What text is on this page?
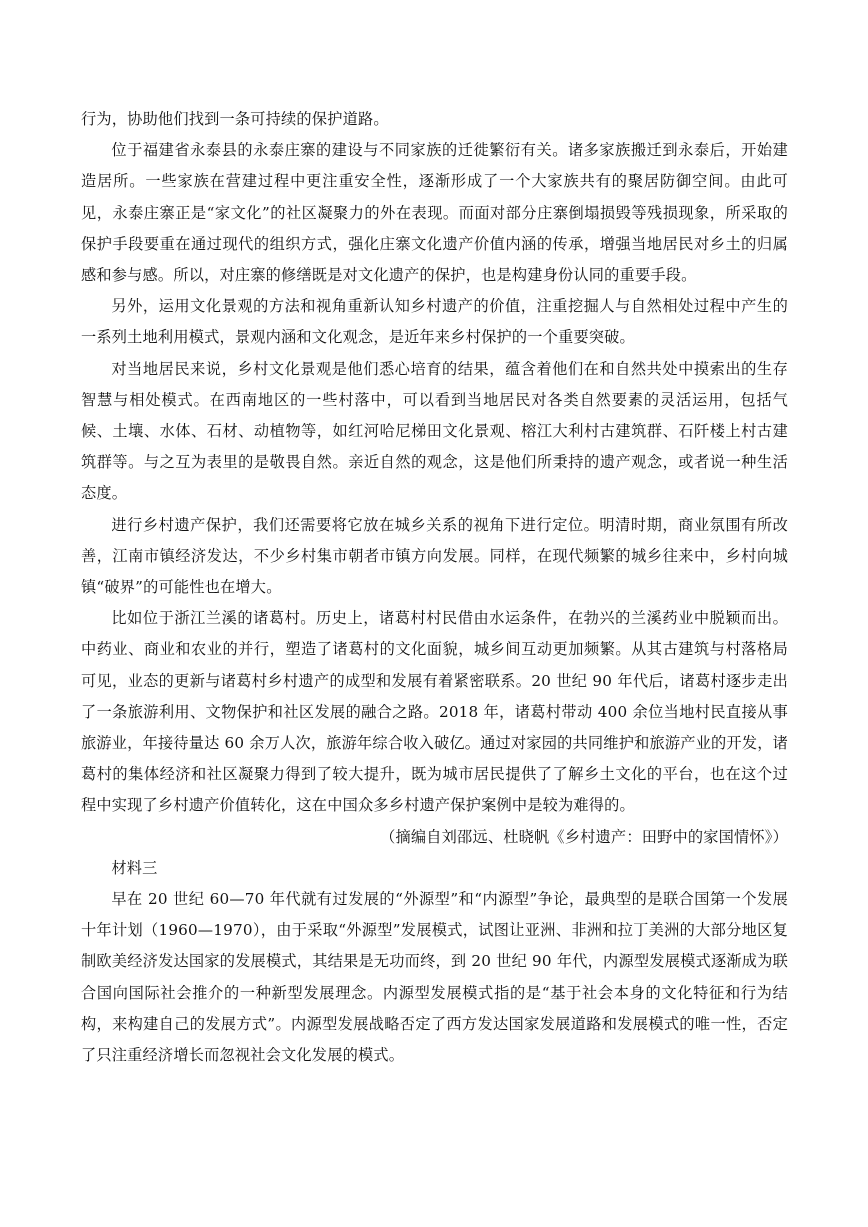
行为，协助他们找到一条可持续的保护道路。

位于福建省永泰县的永泰庄寨的建设与不同家族的迁徙繁衍有关。诸多家族搬迁到永泰后，开始建造居所。一些家族在营建过程中更注重安全性，逐渐形成了一个大家族共有的聚居防御空间。由此可见，永泰庄寨正是“家文化”的社区凝聚力的外在表现。而面对部分庄寨倒塌损毁等残损现象，所采取的保护手段要重在通过现代的组织方式，强化庄寨文化遗产价值内涵的传承，增强当地居民对乡土的归属感和参与感。所以，对庄寨的修缮既是对文化遗产的保护，也是构建身份认同的重要手段。

另外，运用文化景观的方法和视角重新认知乡村遗产的价值，注重挖掘人与自然相处过程中产生的一系列土地利用模式，景观内涵和文化观念，是近年来乡村保护的一个重要突破。

对当地居民来说，乡村文化景观是他们悉心培育的结果，蕴含着他们在和自然共处中摸索出的生存智慧与相处模式。在西南地区的一些村落中，可以看到当地居民对各类自然要素的灵活运用，包括气候、土壤、水体、石材、动植物等，如红河哈尼梯田文化景观、榕江大利村古建筑群、石阡楼上村古建筑群等。与之互为表里的是敬畏自然。亲近自然的观念，这是他们所秉持的遗产观念，或者说一种生活态度。

进行乡村遗产保护，我们还需要将它放在城乡关系的视角下进行定位。明清时期，商业氛围有所改善，江南市镇经济发达，不少乡村集市朝者市镇方向发展。同样，在现代频繁的城乡往来中，乡村向城镇“破界”的可能性也在增大。

比如位于浙江兰溪的诸葛村。历史上，诸葛村村民借由水运条件，在勃兴的兰溪药业中脱颖而出。中药业、商业和农业的并行，塑造了诸葛村的文化面貌，城乡间互动更加频繁。从其古建筑与村落格局可见，业态的更新与诸葛村乡村遗产的成型和发展有着紧密联系。20 世纪 90 年代后，诸葛村逐步走出了一条旅游利用、文物保护和社区发展的融合之路。2018 年，诸葛村带动 400 余位当地村民直接从事旅游业，年接待量达 60 余万人次，旅游年综合收入破亿。通过对家园的共同维护和旅游产业的开发，诸葛村的集体经济和社区凝聚力得到了较大提升，既为城市居民提供了了解乡土文化的平台，也在这个过程中实现了乡村遗产价值转化，这在中国众多乡村遗产保护案例中是较为难得的。

（摘编自刘邵远、杜晓帆《乡村遗产：田野中的家国情怀》）

材料三

早在 20 世纪 60—70 年代就有过发展的“外源型”和“内源型”争论，最典型的是联合国第一个发展十年计划（1960—1970），由于采取“外源型”发展模式，试图让亚洲、非洲和拉丁美洲的大部分地区复制欧美经济发达国家的发展模式，其结果是无功而终，到 20 世纪 90 年代，内源型发展模式逐渐成为联合国向国际社会推介的一种新型发展理念。内源型发展模式指的是“基于社会本身的文化特征和行为结构，来构建自己的发展方式”。内源型发展战略否定了西方发达国家发展道路和发展模式的唯一性，否定了只注重经济增长而忽视社会文化发展的模式。
